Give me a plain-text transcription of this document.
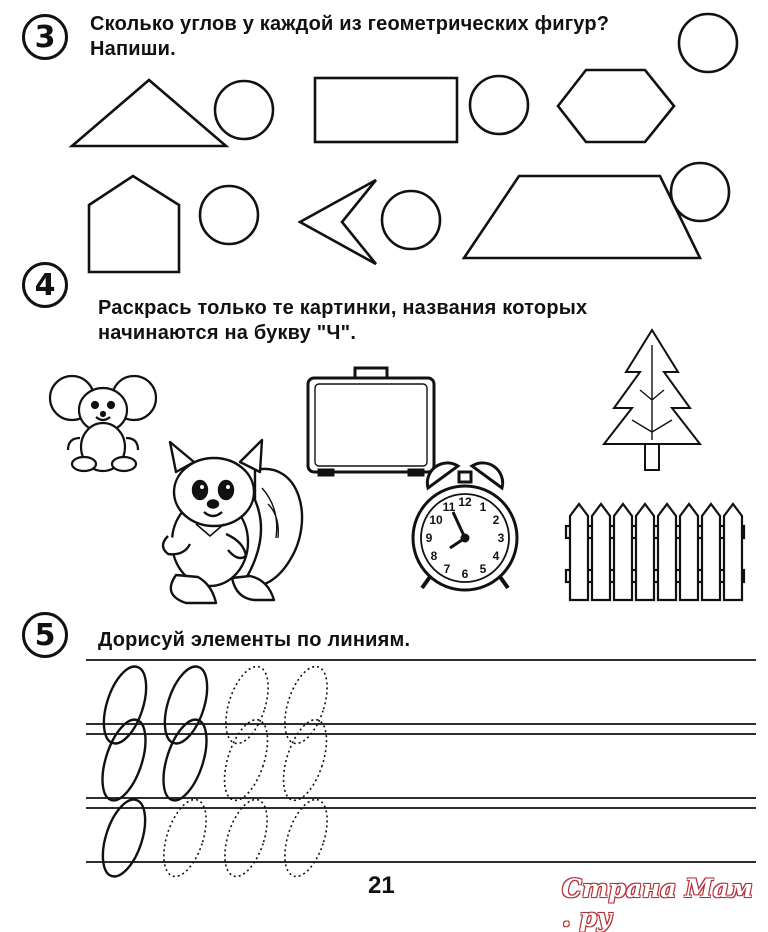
3	Сколько углов у каждой из геометрических фигур?
Напиши.
4
Раскрась только те картинки, названия которых
начинаются на букву "Ч".
5	Дорисуй элементы по линиям.
12 1
2
3
4
5
6
7
8
9
10
11
21	Страна Мам . ру
